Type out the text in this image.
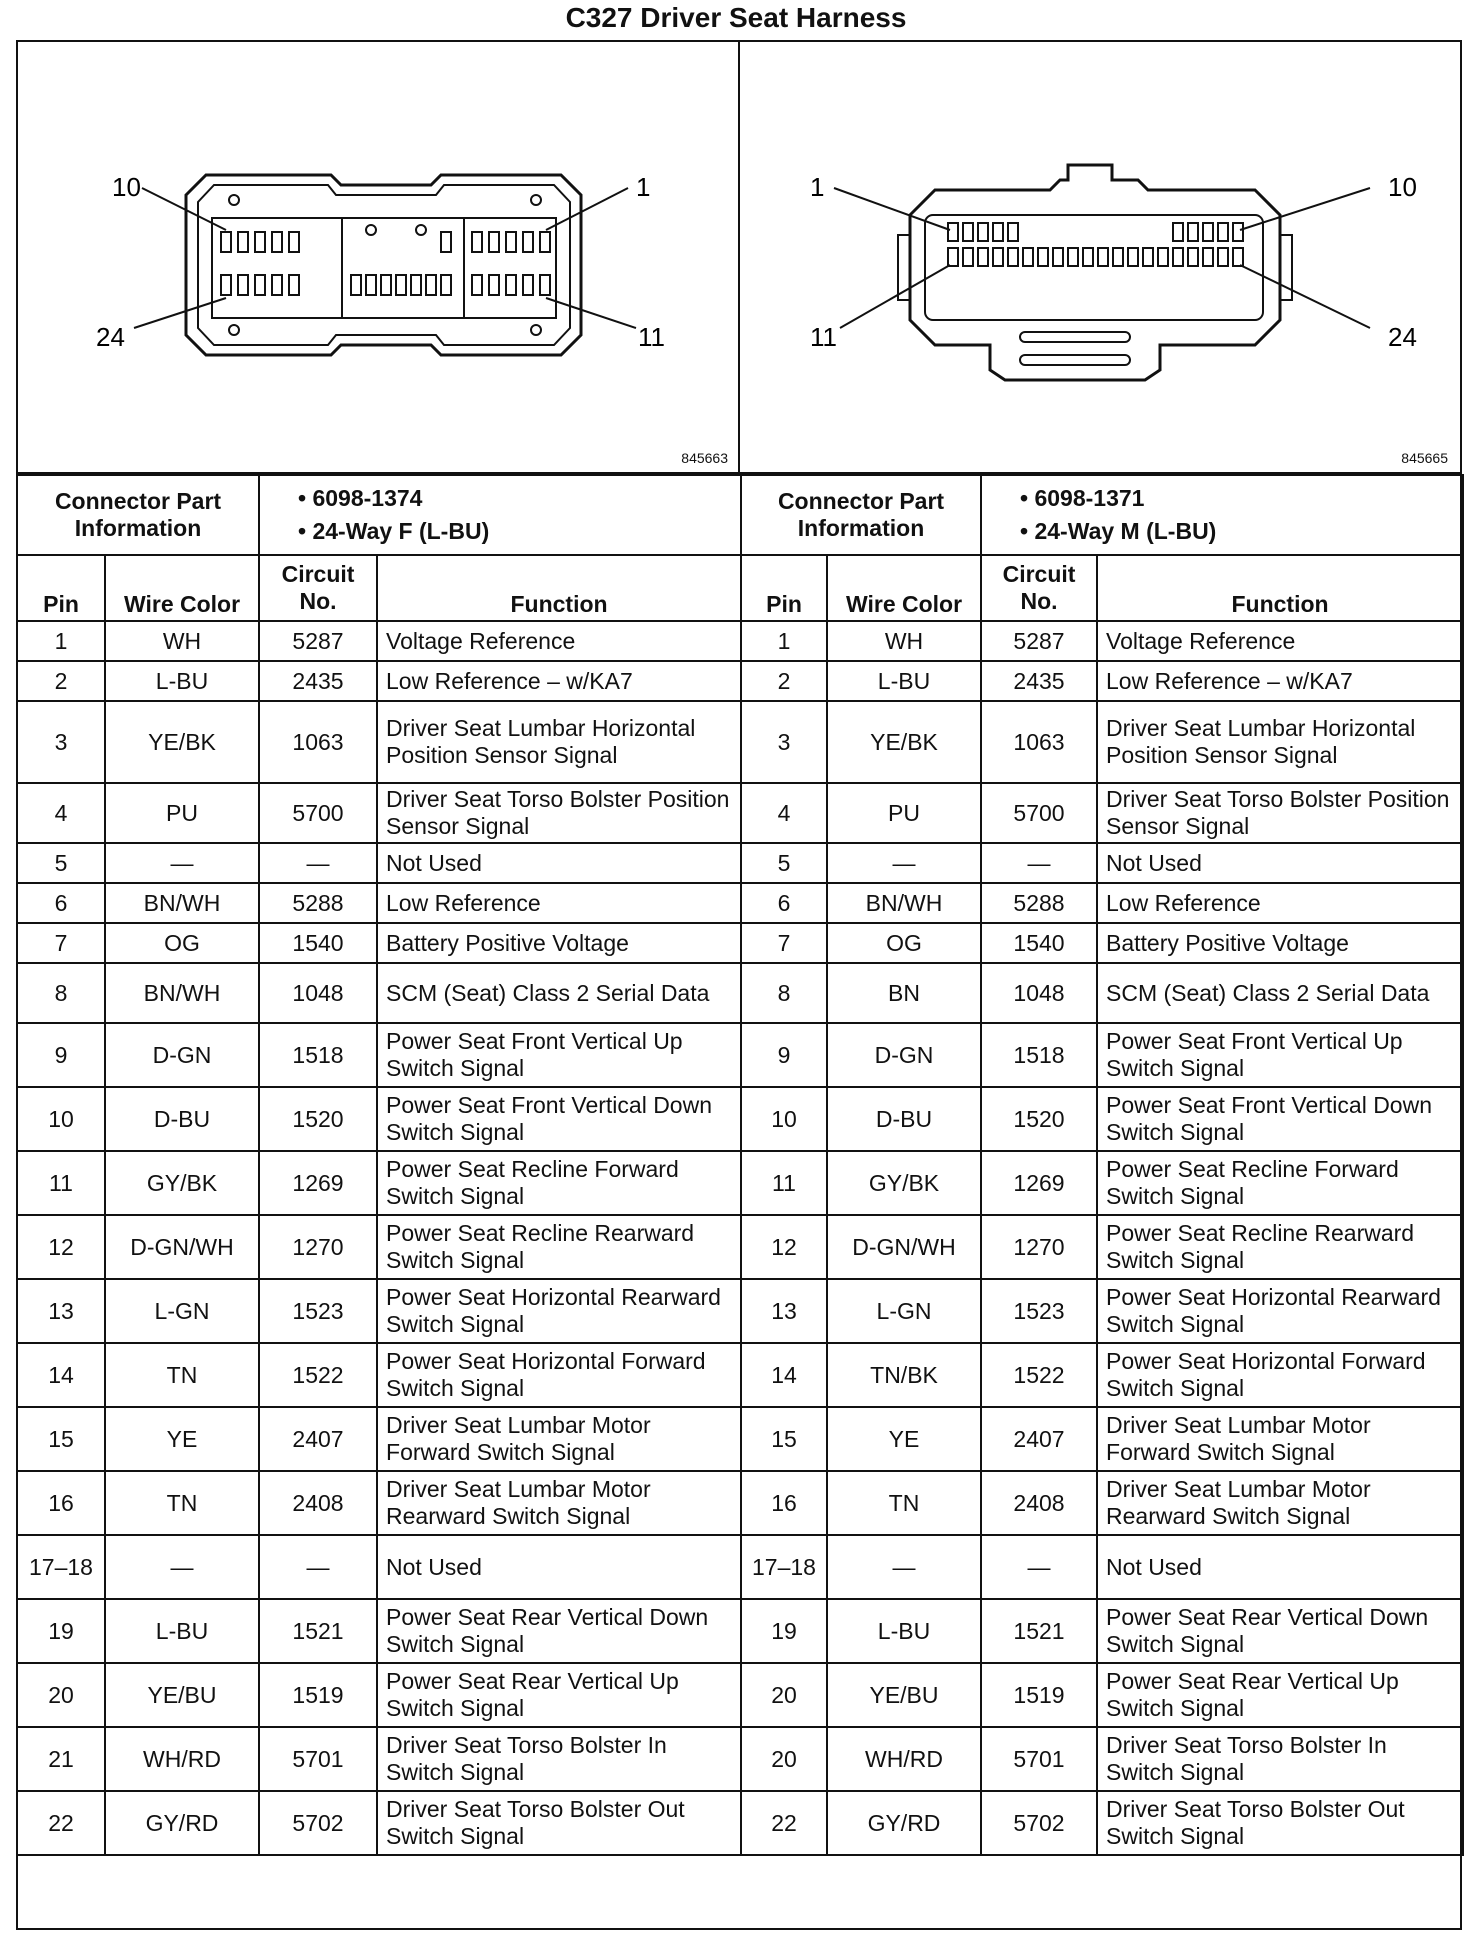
C327 Driver Seat Harness
10	1
24	11
845663
1	10
11	24
845665
Connector Part Information		• 6098-1374
• 24-Way F (L-BU)	

Pin	Wire Color	Circuit No.	Function
1	WH	5287	Voltage Reference
2	L-BU	2435	Low Reference – w/KA7
3	YE/BK	1063	Driver Seat Lumbar Horizontal Position Sensor Signal
4	PU	5700	Driver Seat Torso Bolster Position Sensor Signal
5	—	—	Not Used
6	BN/WH	5288	Low Reference
7	OG	1540	Battery Positive Voltage
8	BN/WH	1048	SCM (Seat) Class 2 Serial Data
9	D-GN	1518	Power Seat Front Vertical Up Switch Signal
10	D-BU	1520	Power Seat Front Vertical Down Switch Signal
11	GY/BK	1269	Power Seat Recline Forward Switch Signal
12	D-GN/WH	1270	Power Seat Recline Rearward Switch Signal
13	L-GN	1523	Power Seat Horizontal Rearward Switch Signal
14	TN	1522	Power Seat Horizontal Forward Switch Signal
15	YE	2407	Driver Seat Lumbar Motor Forward Switch Signal
16	TN	2408	Driver Seat Lumbar Motor Rearward Switch Signal
17–18	—	—	Not Used
19	L-BU	1521	Power Seat Rear Vertical Down Switch Signal
20	YE/BU	1519	Power Seat Rear Vertical Up Switch Signal
21	WH/RD	5701	Driver Seat Torso Bolster In Switch Signal
22	GY/RD	5702	Driver Seat Torso Bolster Out Switch Signal
Connector Part Information		• 6098-1371
• 24-Way M (L-BU)	

Pin	Wire Color	Circuit No.	Function
1	WH	5287	Voltage Reference
2	L-BU	2435	Low Reference – w/KA7
3	YE/BK	1063	Driver Seat Lumbar Horizontal Position Sensor Signal
4	PU	5700	Driver Seat Torso Bolster Position Sensor Signal
5	—	—	Not Used
6	BN/WH	5288	Low Reference
7	OG	1540	Battery Positive Voltage
8	BN	1048	SCM (Seat) Class 2 Serial Data
9	D-GN	1518	Power Seat Front Vertical Up Switch Signal
10	D-BU	1520	Power Seat Front Vertical Down Switch Signal
11	GY/BK	1269	Power Seat Recline Forward Switch Signal
12	D-GN/WH	1270	Power Seat Recline Rearward Switch Signal
13	L-GN	1523	Power Seat Horizontal Rearward Switch Signal
14	TN/BK	1522	Power Seat Horizontal Forward Switch Signal
15	YE	2407	Driver Seat Lumbar Motor Forward Switch Signal
16	TN	2408	Driver Seat Lumbar Motor Rearward Switch Signal
17–18	—	—	Not Used
19	L-BU	1521	Power Seat Rear Vertical Down Switch Signal
20	YE/BU	1519	Power Seat Rear Vertical Up Switch Signal
20	WH/RD	5701	Driver Seat Torso Bolster In Switch Signal
22	GY/RD	5702	Driver Seat Torso Bolster Out Switch Signal
